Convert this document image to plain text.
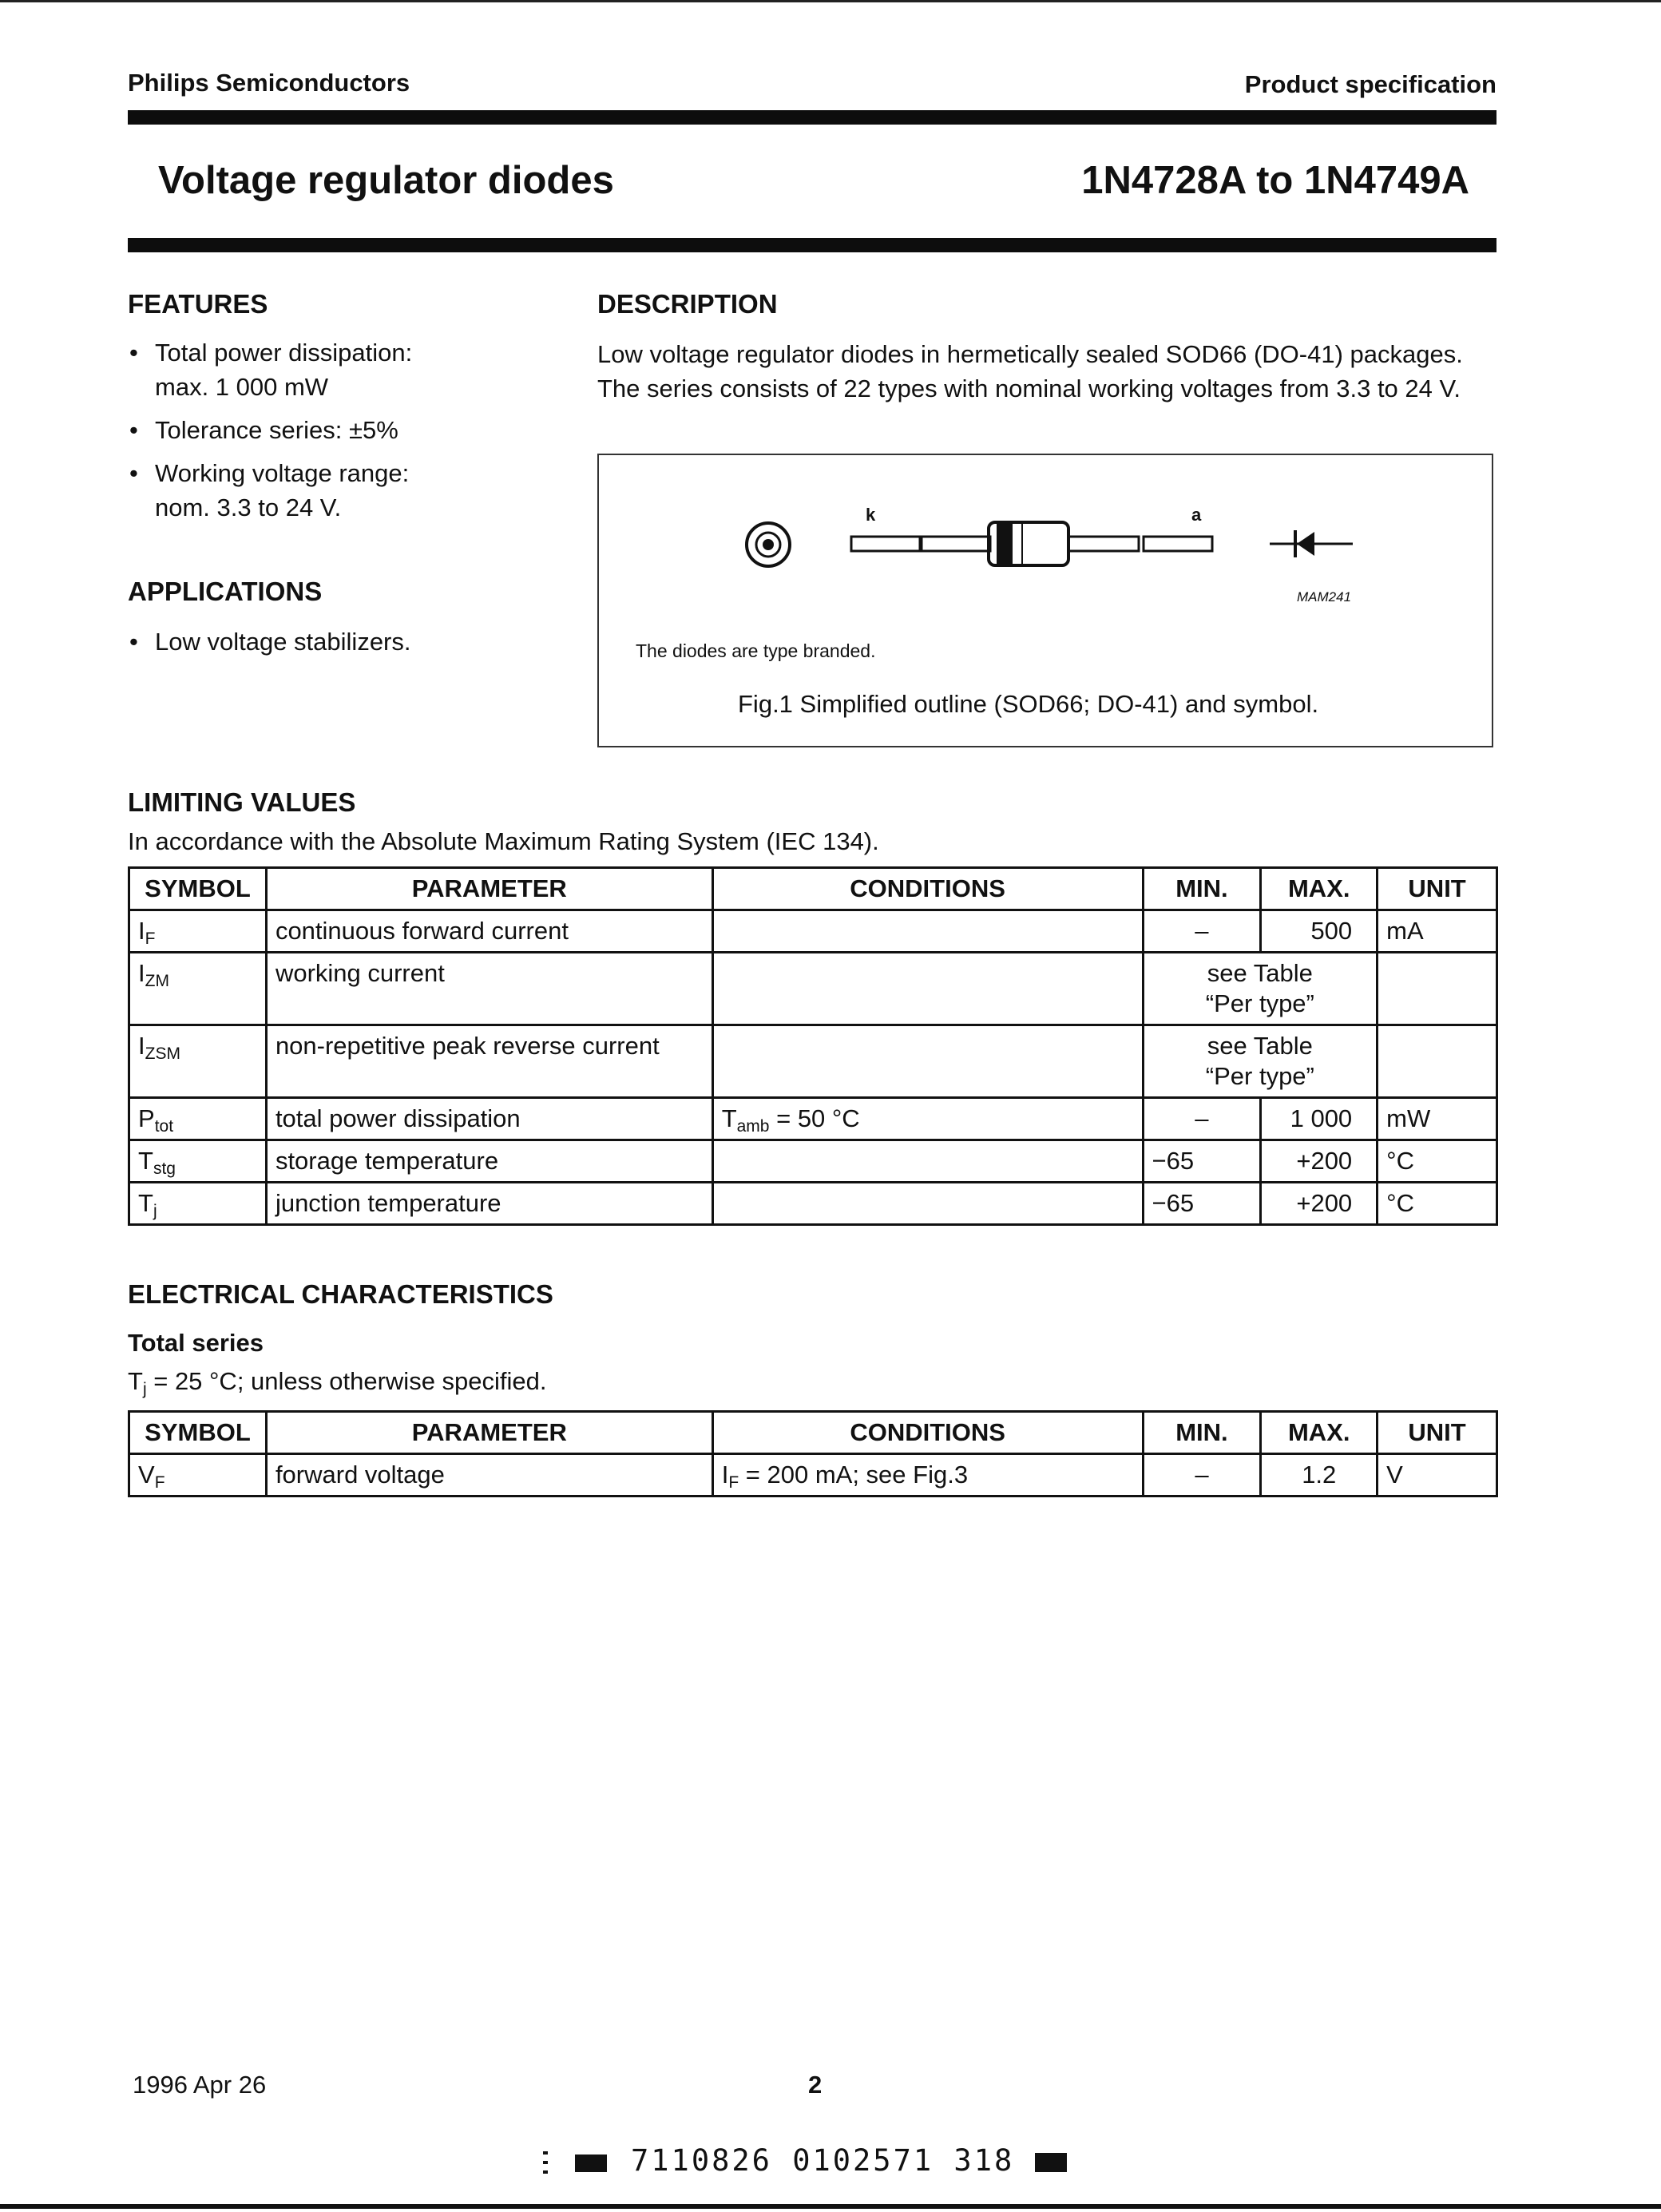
Philips Semiconductors	Product specification
Voltage regulator diodes	1N4728A to 1N4749A
FEATURES
• Total power dissipation:
max. 1 000 mW
• Tolerance series: ±5%
• Working voltage range:
nom. 3.3 to 24 V.
APPLICATIONS
• Low voltage stabilizers.
DESCRIPTION
Low voltage regulator diodes in hermetically sealed SOD66 (DO-41) packages.
The series consists of 22 types with nominal working voltages from 3.3 to 24 V.
k	a
MAM241
The diodes are type branded.
Fig.1 Simplified outline (SOD66; DO-41) and symbol.
LIMITING VALUES
In accordance with the Absolute Maximum Rating System (IEC 134).
SYMBOL	PARAMETER	CONDITIONS	MIN.	MAX.	UNIT
$I_F$	continuous forward current		–	500	mA
$I_{ZM}$	working current		see Table
“Per type”		

$I_{ZSM}$	non-repetitive peak reverse current		see Table
“Per type”		

$P_{tot}$	total power dissipation	$T_{amb} = 50$ °C	–	1 000	mW
$T_{stg}$	storage temperature		−65	+200	°C
$T_j$	junction temperature		−65	+200	°C
ELECTRICAL CHARACTERISTICS
Total series
$T_j = 25$ °C; unless otherwise specified.
SYMBOL	PARAMETER	CONDITIONS	MIN.	MAX.	UNIT
$V_F$	forward voltage	$I_F = 200$ mA; see Fig.3	–	1.2	V
1996 Apr 26	2
7110826 0102571 318
